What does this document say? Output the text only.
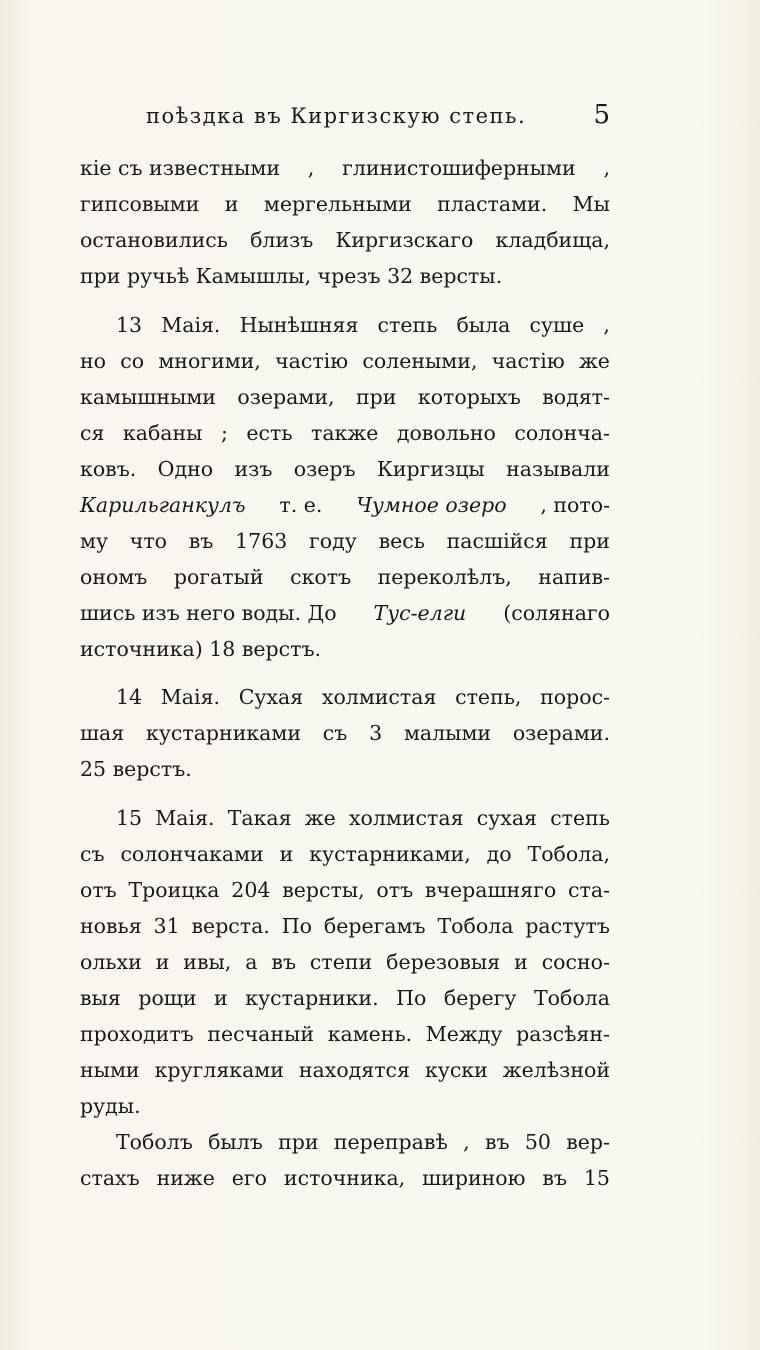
поѣздка въ Киргизскую степь.	5
кіе съ известными , глинистошиферными ,
гипсовыми и мергельными пластами. Мы
остановились близъ Киргизскаго кладбища,
при ручьѣ Камышлы, чрезъ 32 версты.
13 Маія. Нынѣшняя степь была суше ,
но со многими, частію солеными, частію же
камышными озерами, при которыхъ водят-
ся кабаны ; есть также довольно солонча-
ковъ. Одно изъ озеръ Киргизцы называли
Карильганкулъ т. е. Чумное озеро , пото-
му что въ 1763 году весь пасшійся при
ономъ рогатый скотъ переколѣлъ, напив-
шись изъ него воды. До Тус-елги (солянаго
источника) 18 верстъ.
14 Маія. Сухая холмистая степь, порос-
шая кустарниками съ 3 малыми озерами.
25 верстъ.
15 Маія. Такая же холмистая сухая степь
съ солончаками и кустарниками, до Тобола,
отъ Троицка 204 версты, отъ вчерашняго ста-
новья 31 верста. По берегамъ Тобола растутъ
ольхи и ивы, а въ степи березовыя и сосно-
выя рощи и кустарники. По берегу Тобола
проходитъ песчаный камень. Между разсѣян-
ными кругляками находятся куски желѣзной
руды.
Тоболъ былъ при переправѣ , въ 50 вер-
стахъ ниже его источника, шириною въ 15
